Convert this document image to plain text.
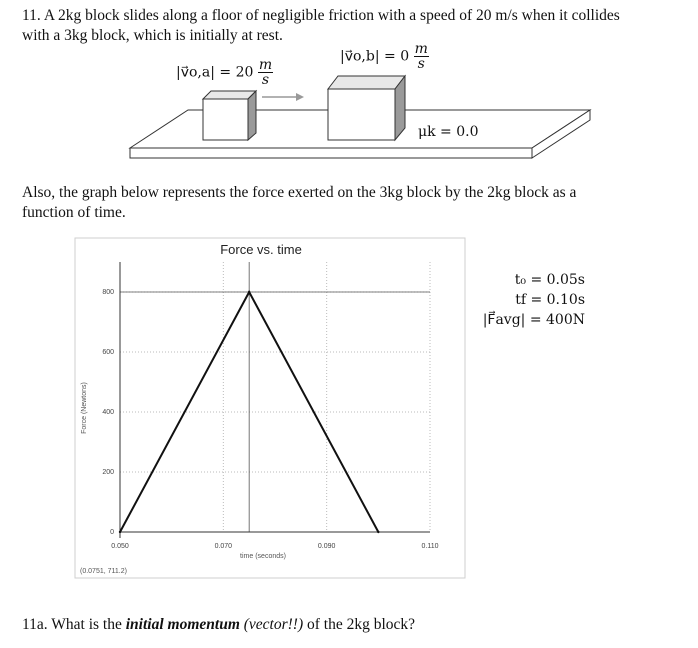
11. A 2kg block slides along a floor of negligible friction with a speed of 20 m/s when it collides
with a 3kg block, which is initially at rest.

|v⃗o,a| = $20 \frac{m}{s}$
|v⃗o,b| = $0 \frac{m}{s}$
μk = 0.0

Also, the graph below represents the force exerted on the 3kg block by the 2kg block as a
function of time.

Force vs. time
0.050	0.070	0.090	0.110
800
600
400
200
0
time (seconds)
Force (Newtons)
(0.0751, 711.2)
t₀ = 0.05s
tf = 0.10s
|F⃗avg| = 400N

11a. What is the initial momentum (vector!!) of the 2kg block?
